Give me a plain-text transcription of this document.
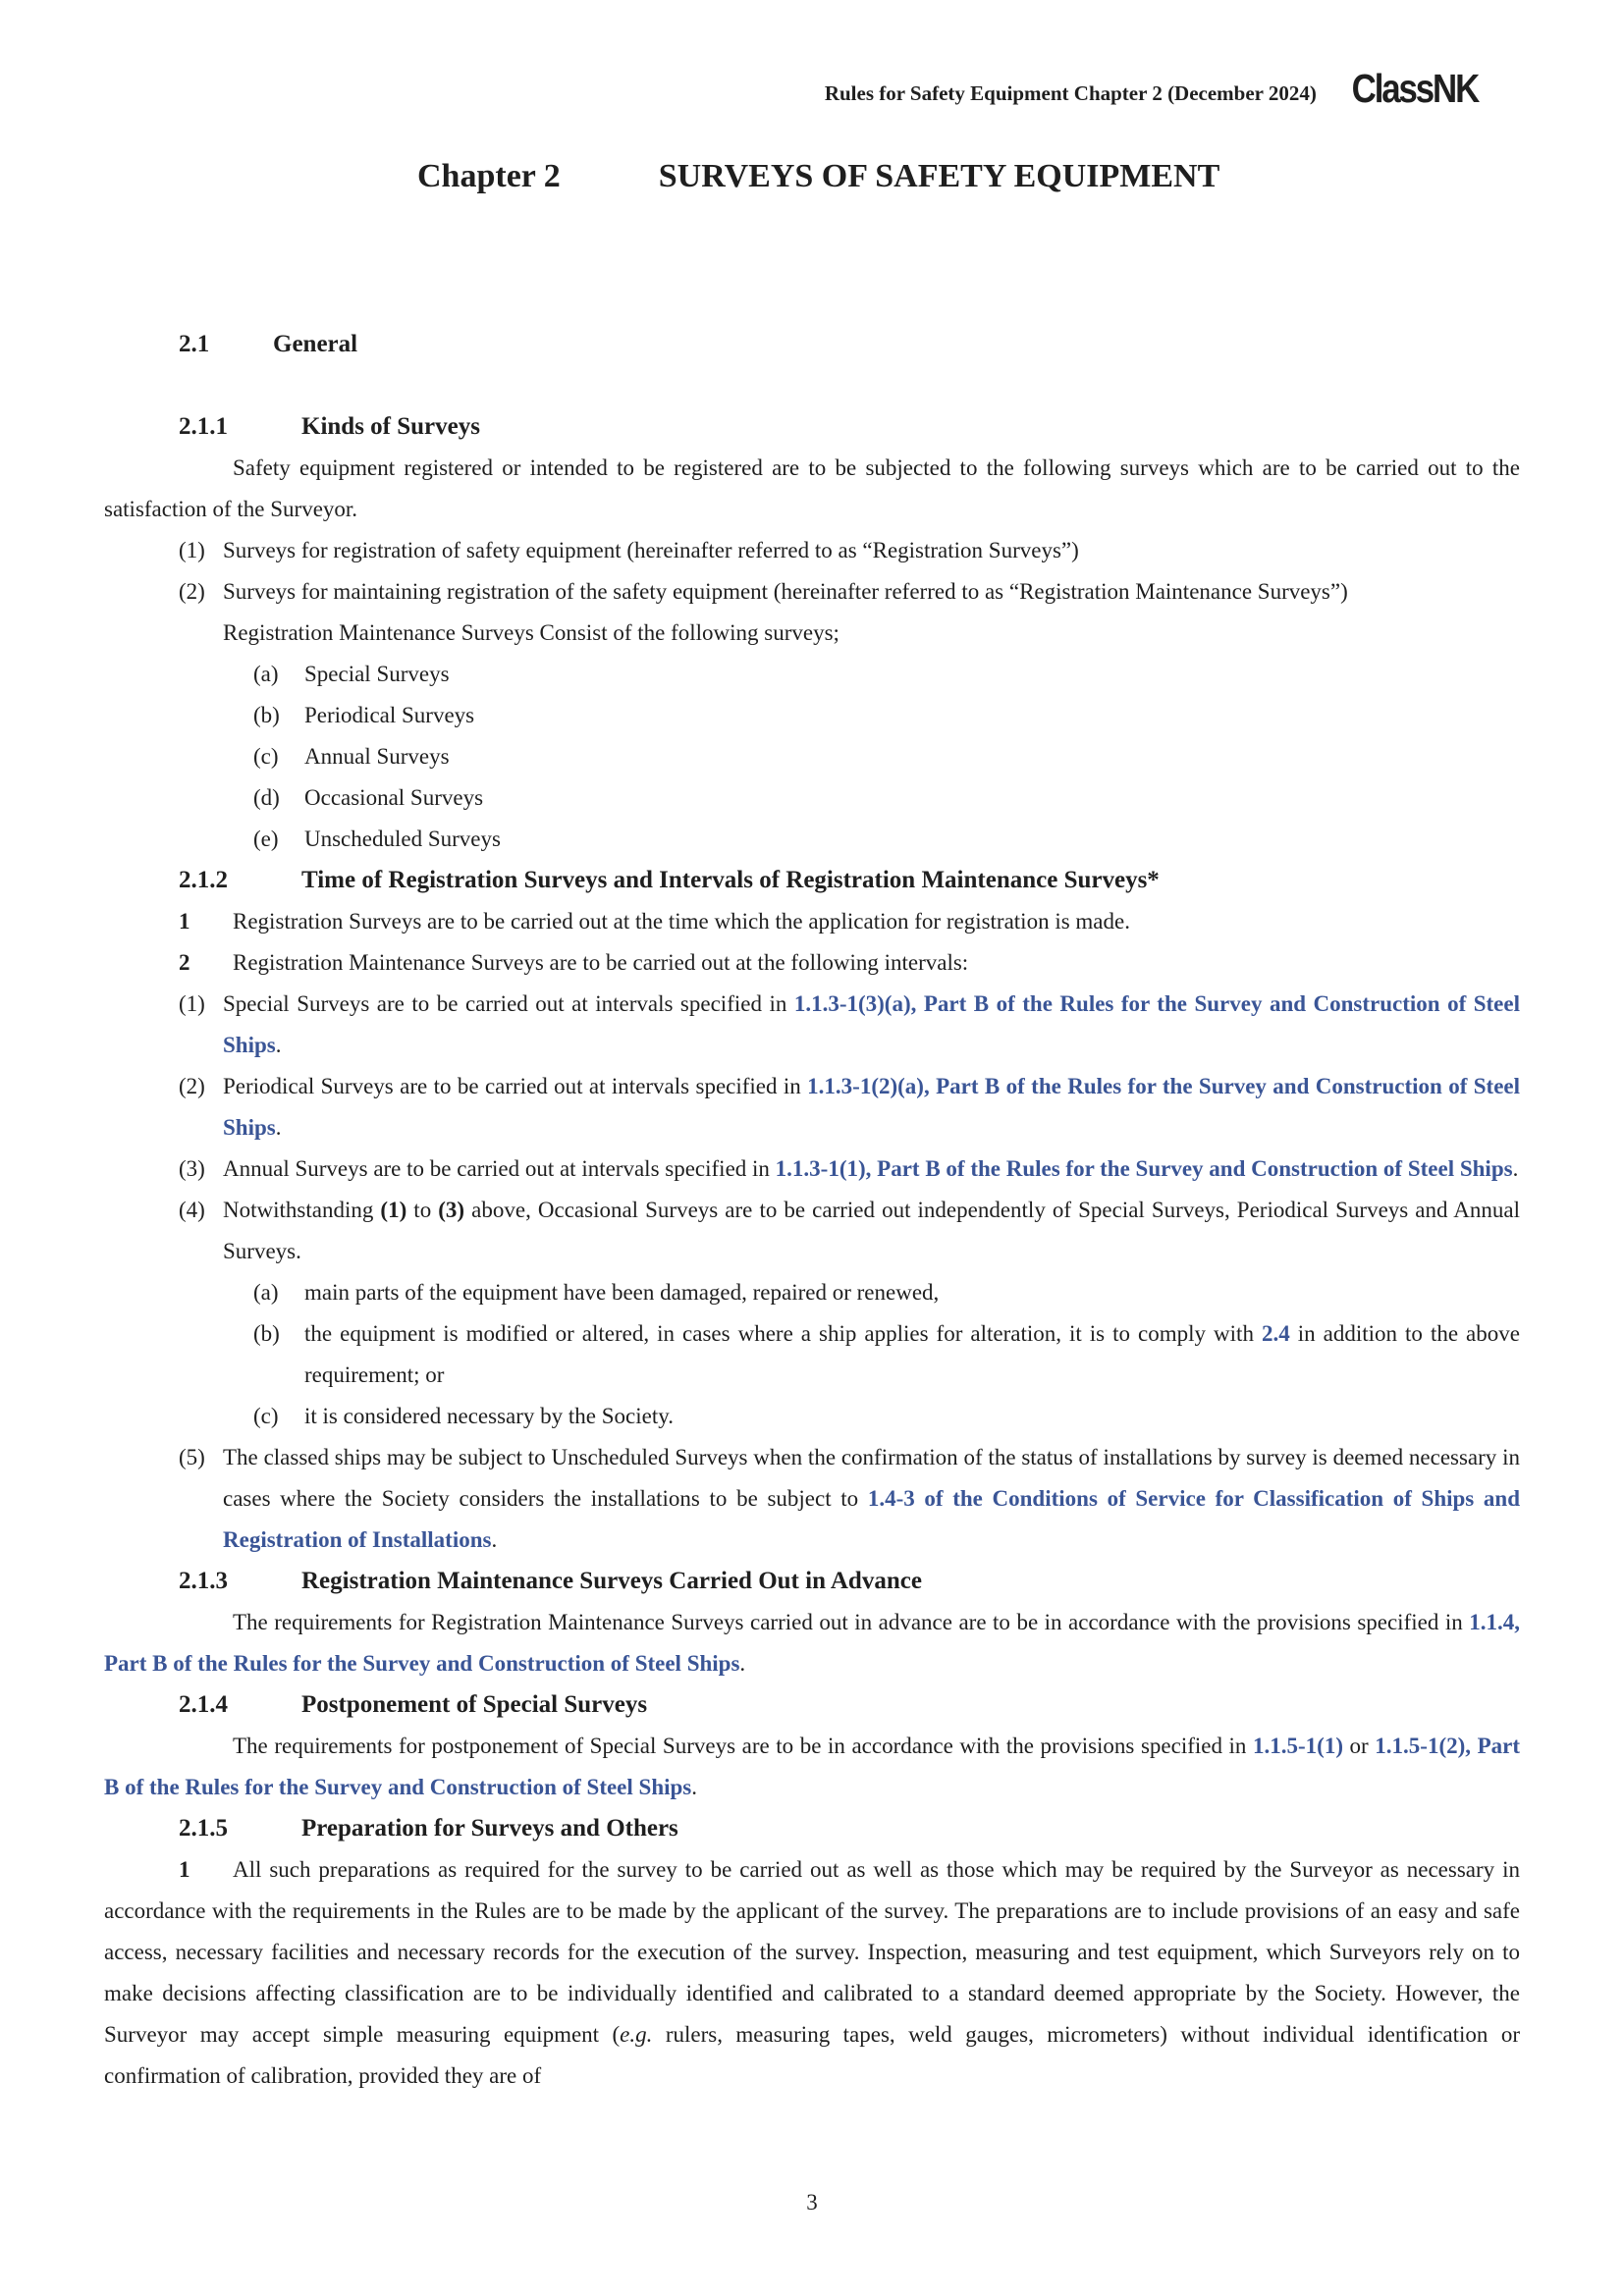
Rules for Safety Equipment Chapter 2 (December 2024) ClassNK
Chapter 2	SURVEYS OF SAFETY EQUIPMENT
2.1	General
2.1.1	Kinds of Surveys
Safety equipment registered or intended to be registered are to be subjected to the following surveys which are to be carried out to the satisfaction of the Surveyor.
(1) Surveys for registration of safety equipment (hereinafter referred to as “Registration Surveys”)
(2) Surveys for maintaining registration of the safety equipment (hereinafter referred to as “Registration Maintenance Surveys”)
Registration Maintenance Surveys Consist of the following surveys;
(a) Special Surveys
(b) Periodical Surveys
(c) Annual Surveys
(d) Occasional Surveys
(e) Unscheduled Surveys
2.1.2	Time of Registration Surveys and Intervals of Registration Maintenance Surveys*
1 Registration Surveys are to be carried out at the time which the application for registration is made.
2 Registration Maintenance Surveys are to be carried out at the following intervals:
(1) Special Surveys are to be carried out at intervals specified in 1.1.3-1(3)(a), Part B of the Rules for the Survey and Construction of Steel Ships.
(2) Periodical Surveys are to be carried out at intervals specified in 1.1.3-1(2)(a), Part B of the Rules for the Survey and Construction of Steel Ships.
(3) Annual Surveys are to be carried out at intervals specified in 1.1.3-1(1), Part B of the Rules for the Survey and Construction of Steel Ships.
(4) Notwithstanding (1) to (3) above, Occasional Surveys are to be carried out independently of Special Surveys, Periodical Surveys and Annual Surveys.
(a) main parts of the equipment have been damaged, repaired or renewed,
(b) the equipment is modified or altered, in cases where a ship applies for alteration, it is to comply with 2.4 in addition to the above requirement; or
(c) it is considered necessary by the Society.
(5) The classed ships may be subject to Unscheduled Surveys when the confirmation of the status of installations by survey is deemed necessary in cases where the Society considers the installations to be subject to 1.4-3 of the Conditions of Service for Classification of Ships and Registration of Installations.
2.1.3	Registration Maintenance Surveys Carried Out in Advance
The requirements for Registration Maintenance Surveys carried out in advance are to be in accordance with the provisions specified in 1.1.4, Part B of the Rules for the Survey and Construction of Steel Ships.
2.1.4	Postponement of Special Surveys
The requirements for postponement of Special Surveys are to be in accordance with the provisions specified in 1.1.5-1(1) or 1.1.5-1(2), Part B of the Rules for the Survey and Construction of Steel Ships.
2.1.5	Preparation for Surveys and Others
1 All such preparations as required for the survey to be carried out as well as those which may be required by the Surveyor as necessary in accordance with the requirements in the Rules are to be made by the applicant of the survey. The preparations are to include provisions of an easy and safe access, necessary facilities and necessary records for the execution of the survey. Inspection, measuring and test equipment, which Surveyors rely on to make decisions affecting classification are to be individually identified and calibrated to a standard deemed appropriate by the Society. However, the Surveyor may accept simple measuring equipment (e.g. rulers, measuring tapes, weld gauges, micrometers) without individual identification or confirmation of calibration, provided they are of
3
